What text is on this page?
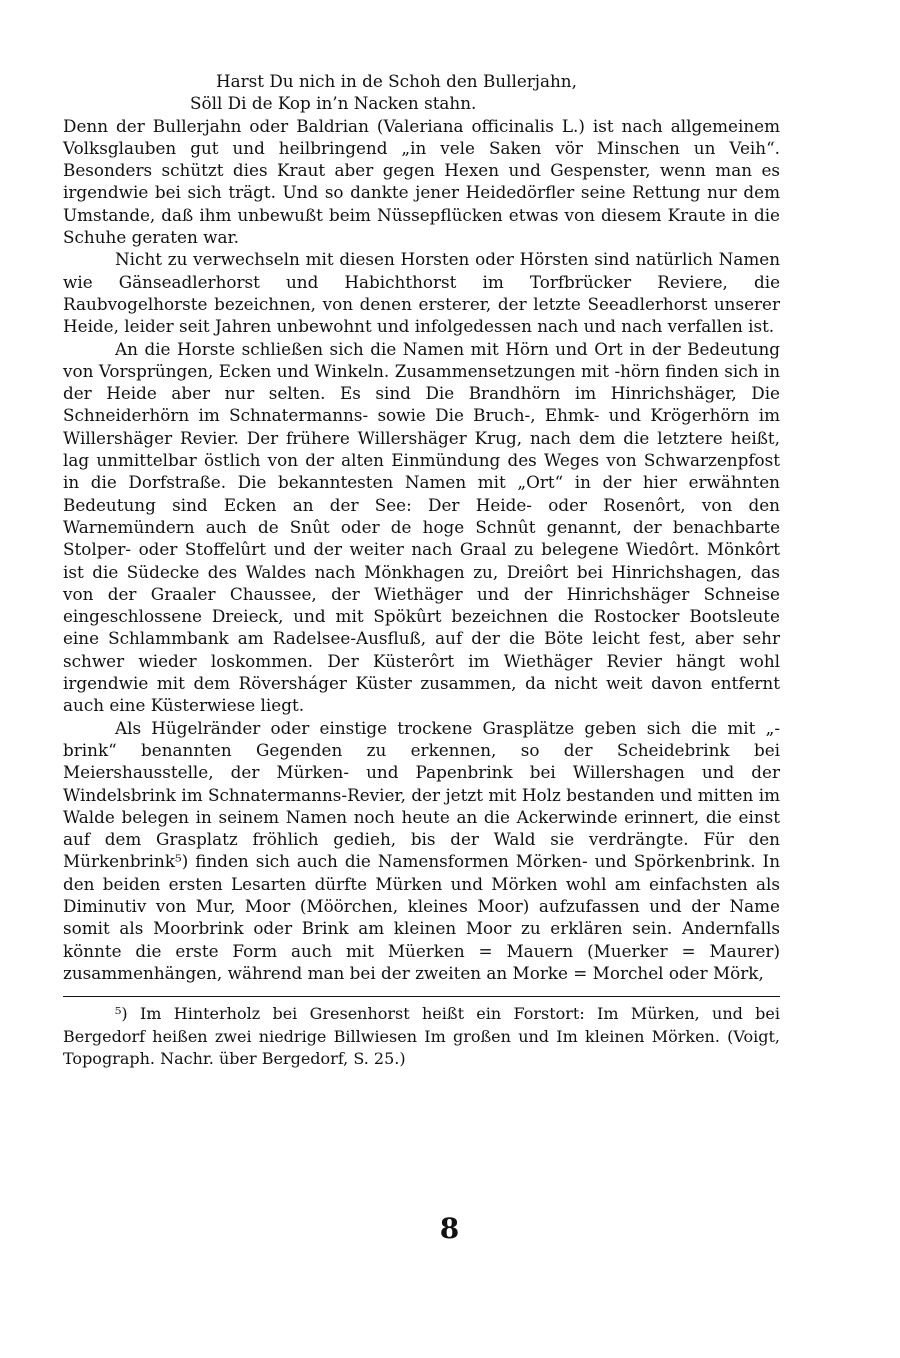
Harst Du nich in de Schoh den Bullerjahn,
Söll Di de Kop in’n Nacken stahn.

Denn der Bullerjahn oder Baldrian (Valeriana officinalis L.) ist nach allgemeinem Volksglauben gut und heilbringend „in vele Saken vör Minschen un Veih“. Besonders schützt dies Kraut aber gegen Hexen und Gespenster, wenn man es irgendwie bei sich trägt. Und so dankte jener Heidedörfler seine Rettung nur dem Umstande, daß ihm unbewußt beim Nüssepflücken etwas von diesem Kraute in die Schuhe geraten war.

Nicht zu verwechseln mit diesen Horsten oder Hörsten sind natürlich Namen wie Gänseadlerhorst und Habichthorst im Torfbrücker Reviere, die Raubvogelhorste bezeichnen, von denen ersterer, der letzte Seeadlerhorst unserer Heide, leider seit Jahren unbewohnt und infolgedessen nach und nach verfallen ist.

An die Horste schließen sich die Namen mit Hörn und Ort in der Bedeutung von Vorsprüngen, Ecken und Winkeln. Zusammensetzungen mit -hörn finden sich in der Heide aber nur selten. Es sind Die Brandhörn im Hinrichshäger, Die Schneiderhörn im Schnatermanns- sowie Die Bruch-, Ehmk- und Krögerhörn im Willershäger Revier. Der frühere Willershäger Krug, nach dem die letztere heißt, lag unmittelbar östlich von der alten Einmündung des Weges von Schwarzenpfost in die Dorfstraße. Die bekanntesten Namen mit „Ort“ in der hier erwähnten Bedeutung sind Ecken an der See: Der Heide- oder Rosenôrt, von den Warnemündern auch de Snût oder de hoge Schnût genannt, der benachbarte Stolper- oder Stoffelûrt und der weiter nach Graal zu belegene Wiedôrt. Mönkôrt ist die Südecke des Waldes nach Mönkhagen zu, Dreiôrt bei Hinrichshagen, das von der Graaler Chaussee, der Wiethäger und der Hinrichshäger Schneise eingeschlossene Dreieck, und mit Spökûrt bezeichnen die Rostocker Bootsleute eine Schlammbank am Radelsee-Ausfluß, auf der die Böte leicht fest, aber sehr schwer wieder loskommen. Der Küsterôrt im Wiethäger Revier hängt wohl irgendwie mit dem Röversháger Küster zusammen, da nicht weit davon entfernt auch eine Küsterwiese liegt.

Als Hügelränder oder einstige trockene Grasplätze geben sich die mit „-brink“ benannten Gegenden zu erkennen, so der Scheidebrink bei Meiershausstelle, der Mürken- und Papenbrink bei Willershagen und der Windelsbrink im Schnatermanns-Revier, der jetzt mit Holz bestanden und mitten im Walde belegen in seinem Namen noch heute an die Ackerwinde erinnert, die einst auf dem Grasplatz fröhlich gedieh, bis der Wald sie verdrängte. Für den Mürkenbrink⁵) finden sich auch die Namensformen Mörken- und Spörkenbrink. In den beiden ersten Lesarten dürfte Mürken und Mörken wohl am einfachsten als Diminutiv von Mur, Moor (Möörchen, kleines Moor) aufzufassen und der Name somit als Moorbrink oder Brink am kleinen Moor zu erklären sein. Andernfalls könnte die erste Form auch mit Müerken = Mauern (Muerker = Maurer) zusammenhängen, während man bei der zweiten an Morke = Morchel oder Mörk,

⁵) Im Hinterholz bei Gresenhorst heißt ein Forstort: Im Mürken, und bei Bergedorf heißen zwei niedrige Billwiesen Im großen und Im kleinen Mörken. (Voigt, Topograph. Nachr. über Bergedorf, S. 25.)

8
